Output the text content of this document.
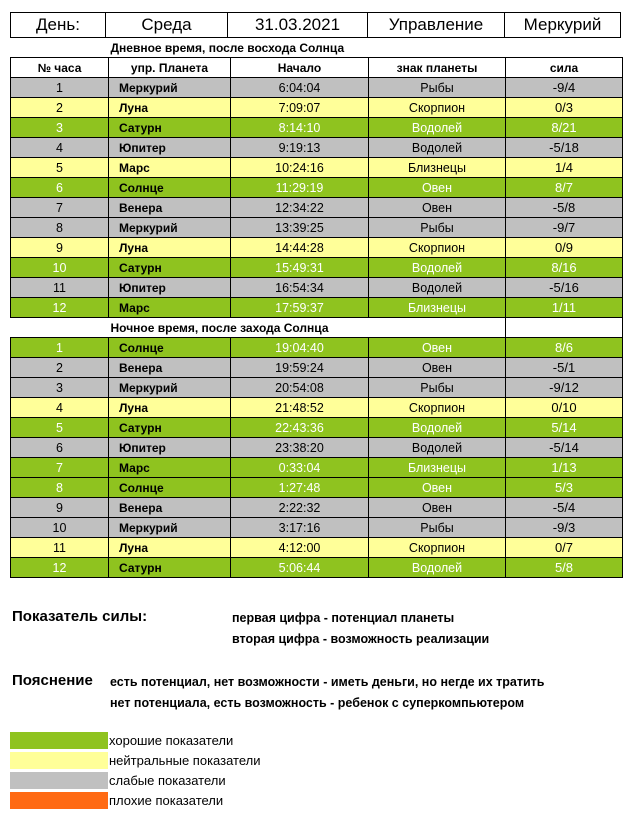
День:	Среда	31.03.2021	Управление	Меркурий
	Дневное время, после восхода Солнца			
№ часа	упр. Планета	Начало	знак планеты	сила
1	Меркурий	6:04:04	Рыбы	-9/4
2	Луна	7:09:07	Скорпион	0/3
3	Сатурн	8:14:10	Водолей	8/21
4	Юпитер	9:19:13	Водолей	-5/18
5	Марс	10:24:16	Близнецы	1/4
6	Солнце	11:29:19	Овен	8/7
7	Венера	12:34:22	Овен	-5/8
8	Меркурий	13:39:25	Рыбы	-9/7
9	Луна	14:44:28	Скорпион	0/9
10	Сатурн	15:49:31	Водолей	8/16
11	Юпитер	16:54:34	Водолей	-5/16
12	Марс	17:59:37	Близнецы	1/11
	Ночное время, после захода Солнца			
1	Солнце	19:04:40	Овен	8/6
2	Венера	19:59:24	Овен	-5/1
3	Меркурий	20:54:08	Рыбы	-9/12
4	Луна	21:48:52	Скорпион	0/10
5	Сатурн	22:43:36	Водолей	5/14
6	Юпитер	23:38:20	Водолей	-5/14
7	Марс	0:33:04	Близнецы	1/13
8	Солнце	1:27:48	Овен	5/3
9	Венера	2:22:32	Овен	-5/4
10	Меркурий	3:17:16	Рыбы	-9/3
11	Луна	4:12:00	Скорпион	0/7
12	Сатурн	5:06:44	Водолей	5/8
Показатель силы:	первая цифра - потенциал планеты
вторая цифра - возможность реализации
Пояснение есть потенциал, нет возможности - иметь деньги, но негде их тратить
нет потенциала, есть возможность - ребенок с суперкомпьютером
хорошие показатели
нейтральные показатели
слабые показатели
плохие показатели
